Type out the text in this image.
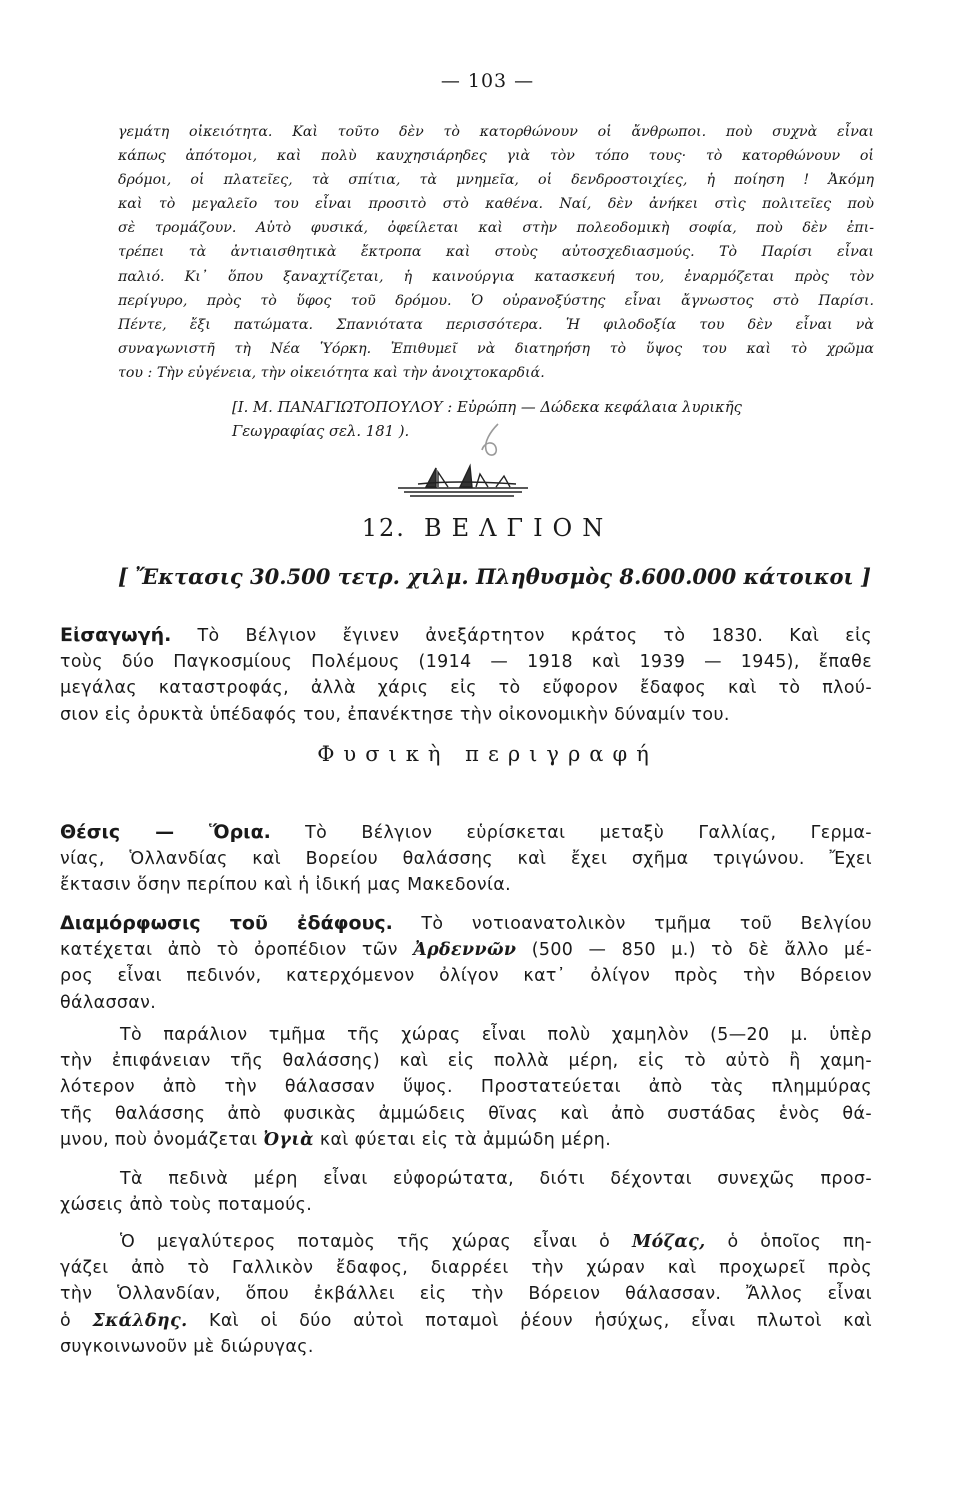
— 103 —
γεμάτη οἰκειότητα. Καὶ τοῦτο δὲν τὸ κατορθώνουν οἱ ἄνθρωποι. ποὺ συχνὰ εἶναι
κάπως ἀπότομοι, καὶ πολὺ καυχησιάρηδες γιὰ τὸν τόπο τους· τὸ κατορθώνουν οἱ
δρόμοι, οἱ πλατεῖες, τὰ σπίτια, τὰ μνημεῖα, οἱ δενδροστοιχίες, ἡ ποίηση ! Ἀκόμη
καὶ τὸ μεγαλεῖο του εἶναι προσιτὸ στὸ καθένα. Ναί, δὲν ἀνήκει στὶς πολιτεῖες ποὺ
σὲ τρομάζουν. Αὐτὸ φυσικά, ὀφείλεται καὶ στὴν πολεοδομικὴ σοφία, ποὺ δὲν ἐπι-
τρέπει τὰ ἀντιαισθητικὰ ἔκτροπα καὶ στοὺς αὐτοσχεδιασμούς. Τὸ Παρίσι εἶναι
παλιό. Κι᾽ ὅπου ξαναχτίζεται, ἡ καινούργια κατασκευή του, ἐναρμόζεται πρὸς τὸν
περίγυρο, πρὸς τὸ ὕφος τοῦ δρόμου. Ὁ οὐρανοξύστης εἶναι ἄγνωστος στὸ Παρίσι.
Πέντε, ἔξι πατώματα. Σπανιότατα περισσότερα. Ἡ φιλοδοξία του δὲν εἶναι νὰ
συναγωνιστῆ τὴ Νέα Ὑόρκη. Ἐπιθυμεῖ νὰ διατηρήση τὸ ὕψος του καὶ τὸ χρῶμα
του : Τὴν εὐγένεια, τὴν οἰκειότητα καὶ τὴν ἀνοιχτοκαρδιά.
[Ι. Μ. ΠΑΝΑΓΙΩΤΟΠΟΥΛΟΥ : Εὐρώπη — Δώδεκα κεφάλαια λυρικῆς
Γεωγραφίας σελ. 181 ).
12. ΒΕΛΓΙΟΝ
[ Ἔκτασις 30.500 τετρ. χιλμ. Πληθυσμὸς 8.600.000 κάτοικοι ]
Εἰσαγωγή. Τὸ Βέλγιον ἔγινεν ἀνεξάρτητον κράτος τὸ 1830. Καὶ εἰς
τοὺς δύο Παγκοσμίους Πολέμους (1914 — 1918 καὶ 1939 — 1945), ἔπαθε
μεγάλας καταστροφάς, ἀλλὰ χάρις εἰς τὸ εὔφορον ἔδαφος καὶ τὸ πλού-
σιον εἰς ὀρυκτὰ ὑπέδαφός του, ἐπανέκτησε τὴν οἰκονομικὴν δύναμίν του.
Φυσικὴ περιγραφή
Θέσις — Ὅρια. Τὸ Βέλγιον εὑρίσκεται μεταξὺ Γαλλίας, Γερμα-
νίας, Ὁλλανδίας καὶ Βορείου θαλάσσης καὶ ἔχει σχῆμα τριγώνου. Ἔχει
ἔκτασιν ὅσην περίπου καὶ ἡ ἰδική μας Μακεδονία.
Διαμόρφωσις τοῦ ἐδάφους. Τὸ νοτιοανατολικὸν τμῆμα τοῦ Βελγίου
κατέχεται ἀπὸ τὸ ὀροπέδιον τῶν Ἀρδεννῶν (500 — 850 μ.) τὸ δὲ ἄλλο μέ-
ρος εἶναι πεδινόν, κατερχόμενον ὀλίγον κατ᾽ ὀλίγον πρὸς τὴν Βόρειον
θάλασσαν.
Τὸ παράλιον τμῆμα τῆς χώρας εἶναι πολὺ χαμηλὸν (5—20 μ. ὑπὲρ
τὴν ἐπιφάνειαν τῆς θαλάσσης) καὶ εἰς πολλὰ μέρη, εἰς τὸ αὐτὸ ἢ χαμη-
λότερον ἀπὸ τὴν θάλασσαν ὕψος. Προστατεύεται ἀπὸ τὰς πλημμύρας
τῆς θαλάσσης ἀπὸ φυσικὰς ἀμμώδεις θῖνας καὶ ἀπὸ συστάδας ἑνὸς θά-
μνου, ποὺ ὀνομάζεται Ὀγιὰ καὶ φύεται εἰς τὰ ἀμμώδη μέρη.
Τὰ πεδινὰ μέρη εἶναι εὐφορώτατα, διότι δέχονται συνεχῶς προσ-
χώσεις ἀπὸ τοὺς ποταμούς.
Ὁ μεγαλύτερος ποταμὸς τῆς χώρας εἶναι ὁ Μόζας, ὁ ὁποῖος πη-
γάζει ἀπὸ τὸ Γαλλικὸν ἔδαφος, διαρρέει τὴν χώραν καὶ προχωρεῖ πρὸς
τὴν Ὁλλανδίαν, ὅπου ἐκβάλλει εἰς τὴν Βόρειον θάλασσαν. Ἄλλος εἶναι
ὁ Σκάλδης. Καὶ οἱ δύο αὐτοὶ ποταμοὶ ῥέουν ἡσύχως, εἶναι πλωτοὶ καὶ
συγκοινωνοῦν μὲ διώρυγας.
